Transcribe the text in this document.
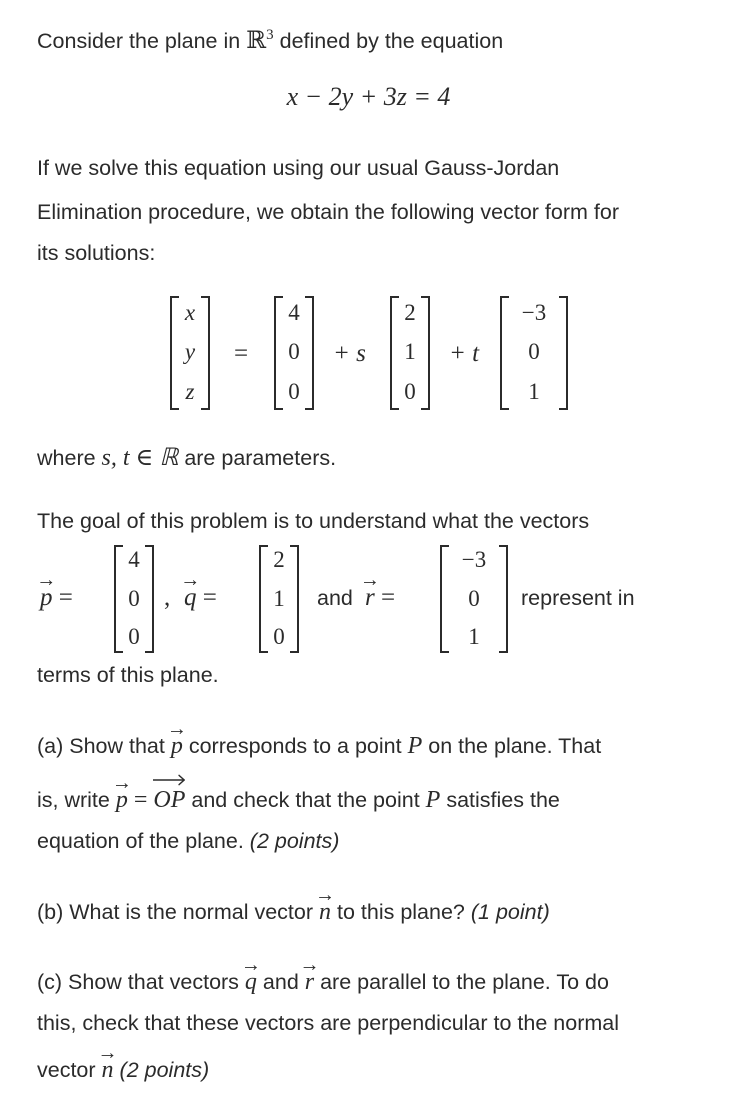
Consider the plane in ℝ$^3$ defined by the equation
x − 2y + 3z = 4
If we solve this equation using our usual Gauss-Jordan
Elimination procedure, we obtain the following vector form for
its solutions:
x
y
z
=
4
0
0
+ s
2
1
0
+ t
−3
0
1
where s, t ∈ ℝ are parameters.
The goal of this problem is to understand what the vectors
→
p =
4
0
0
,
→
q =
2
1
0
and
→
r =
−3
0
1
represent in
terms of this plane.
(a) Show that
→
p corresponds to a point P on the plane. That
is, write
→
p =
OP and check that the point P satisfies the
equation of the plane. (2 points)
(b) What is the normal vector
→
n to this plane? (1 point)
(c) Show that vectors
→
q and
→
r are parallel to the plane. To do
this, check that these vectors are perpendicular to the normal
vector
→
n (2 points)
